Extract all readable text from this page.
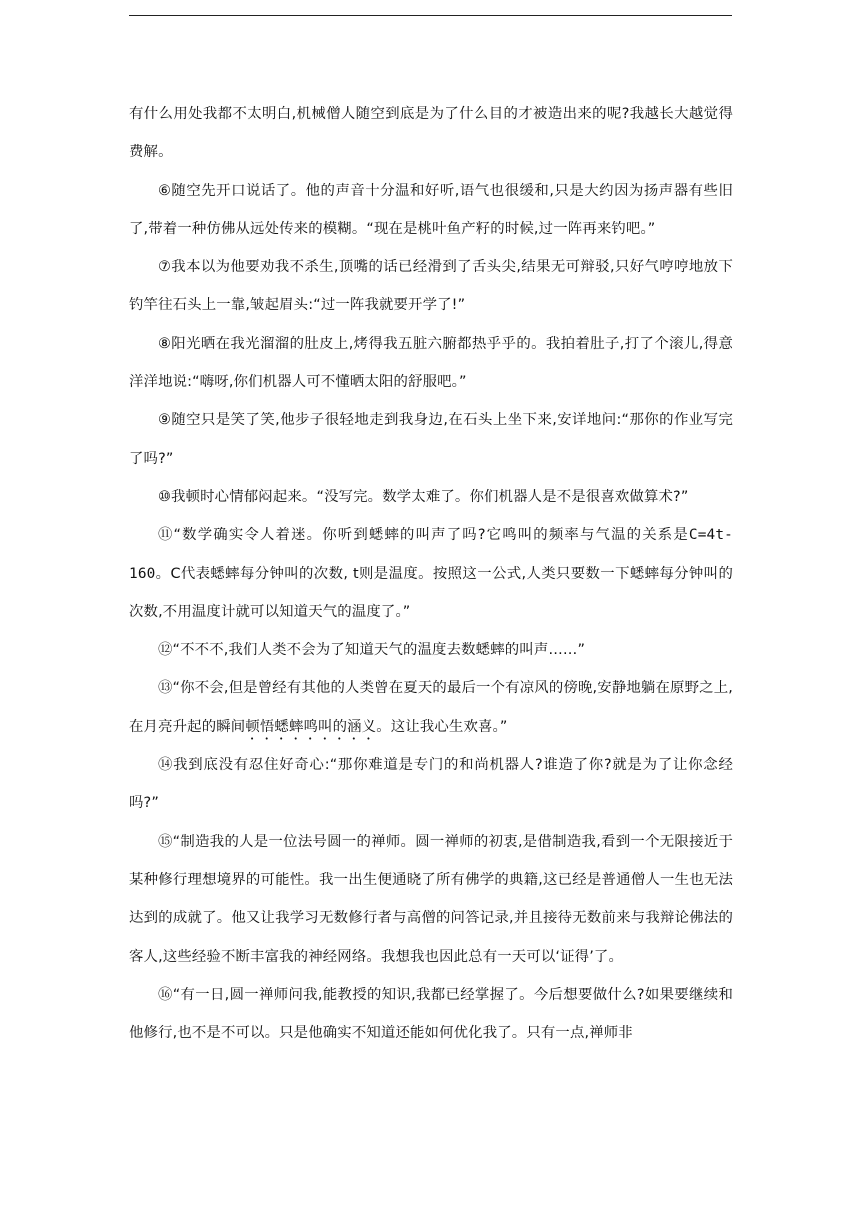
有什么用处我都不太明白,机械僧人随空到底是为了什么目的才被造出来的呢?我越长大越觉得费解。

⑥随空先开口说话了。他的声音十分温和好听,语气也很缓和,只是大约因为扬声器有些旧了,带着一种仿佛从远处传来的模糊。“现在是桃叶鱼产籽的时候,过一阵再来钓吧。”

⑦我本以为他要劝我不杀生,顶嘴的话已经滑到了舌头尖,结果无可辩驳,只好气哼哼地放下钓竿往石头上一靠,皱起眉头:“过一阵我就要开学了!”

⑧阳光晒在我光溜溜的肚皮上,烤得我五脏六腑都热乎乎的。我拍着肚子,打了个滚儿,得意洋洋地说:“嗨呀,你们机器人可不懂晒太阳的舒服吧。”

⑨随空只是笑了笑,他步子很轻地走到我身边,在石头上坐下来,安详地问:“那你的作业写完了吗?”

⑩我顿时心情郁闷起来。“没写完。数学太难了。你们机器人是不是很喜欢做算术?”

⑪“数学确实令人着迷。你听到蟋蟀的叫声了吗?它鸣叫的频率与气温的关系是C=4t-160。C代表蟋蟀每分钟叫的次数, t则是温度。按照这一公式,人类只要数一下蟋蟀每分钟叫的次数,不用温度计就可以知道天气的温度了。”

⑫“不不不,我们人类不会为了知道天气的温度去数蟋蟀的叫声……”

⑬“你不会,但是曾经有其他的人类曾在夏天的最后一个有凉风的傍晚,安静地躺在原野之上,在月亮升起的瞬间顿悟蟋蟀鸣叫的涵义。这让我心生欢喜。”

⑭我到底没有忍住好奇心:“那你难道是专门的和尚机器人?谁造了你?就是为了让你念经吗?”

⑮“制造我的人是一位法号圆一的禅师。圆一禅师的初衷,是借制造我,看到一个无限接近于某种修行理想境界的可能性。我一出生便通晓了所有佛学的典籍,这已经是普通僧人一生也无法达到的成就了。他又让我学习无数修行者与高僧的问答记录,并且接待无数前来与我辩论佛法的客人,这些经验不断丰富我的神经网络。我想我也因此总有一天可以‘证得’了。

⑯“有一日,圆一禅师问我,能教授的知识,我都已经掌握了。今后想要做什么?如果要继续和他修行,也不是不可以。只是他确实不知道还能如何优化我了。只有一点,禅师非
